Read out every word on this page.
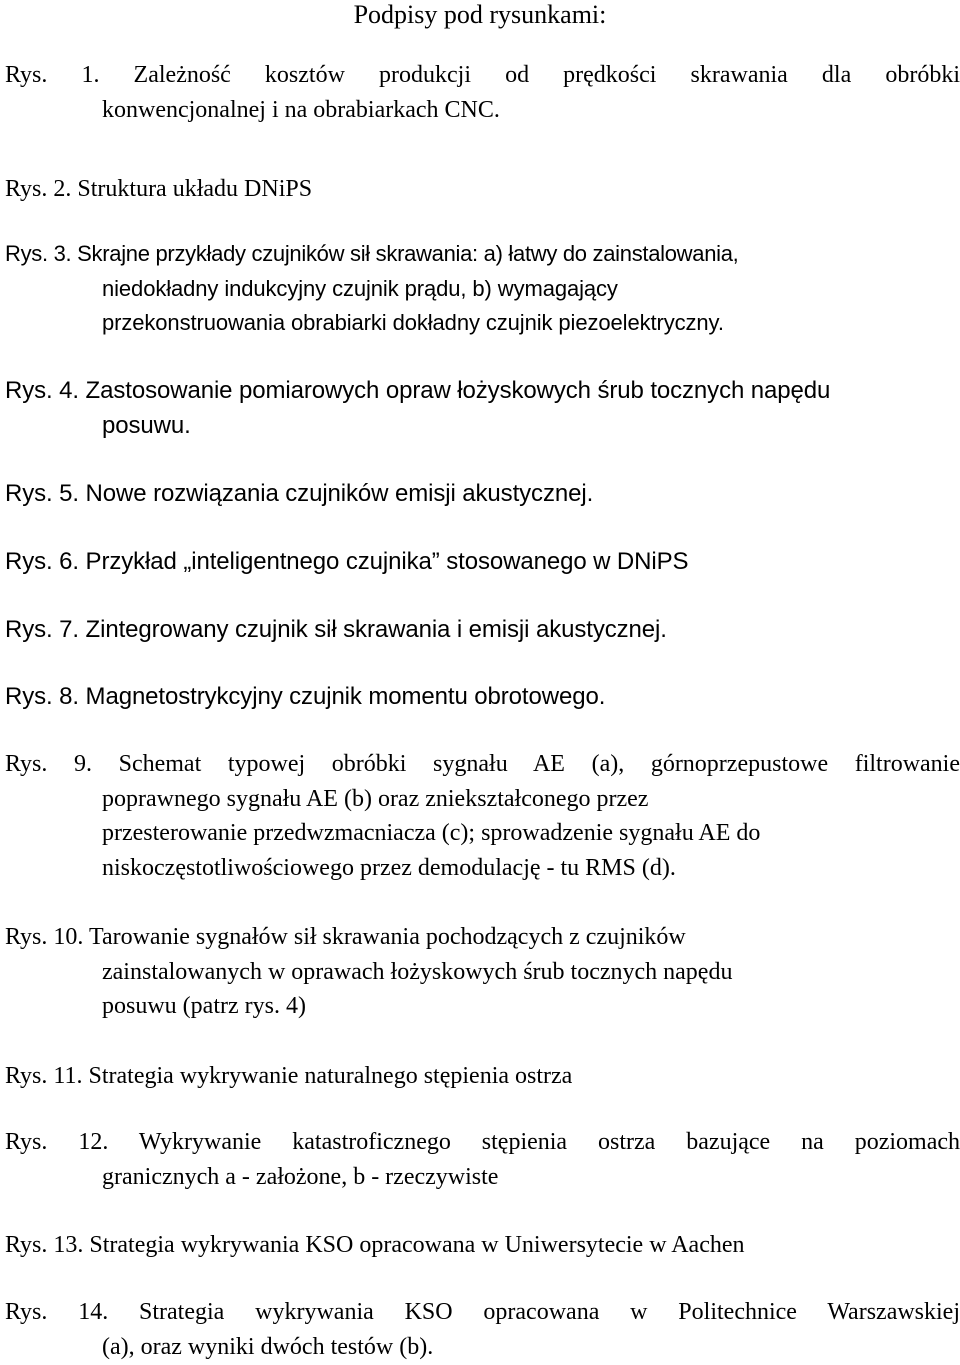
Podpisy pod rysunkami:

Rys. 1. Zależność kosztów produkcji od prędkości skrawania dla obróbki
konwencjonalnej i na obrabiarkach CNC.

Rys. 2. Struktura układu DNiPS

Rys. 3. Skrajne przykłady czujników sił skrawania: a) łatwy do zainstalowania,
niedokładny indukcyjny czujnik prądu, b) wymagający
przekonstruowania obrabiarki dokładny czujnik piezoelektryczny.

Rys. 4. Zastosowanie pomiarowych opraw łożyskowych śrub tocznych napędu
posuwu.

Rys. 5. Nowe rozwiązania czujników emisji akustycznej.

Rys. 6. Przykład „inteligentnego czujnika” stosowanego w DNiPS

Rys. 7. Zintegrowany czujnik sił skrawania i emisji akustycznej.

Rys. 8. Magnetostrykcyjny czujnik momentu obrotowego.

Rys. 9. Schemat typowej obróbki sygnału AE (a), górnoprzepustowe filtrowanie
poprawnego sygnału AE (b) oraz zniekształconego przez
przesterowanie przedwzmacniacza (c); sprowadzenie sygnału AE do
niskoczęstotliwościowego przez demodulację - tu RMS (d).

Rys. 10. Tarowanie sygnałów sił skrawania pochodzących z czujników
zainstalowanych w oprawach łożyskowych śrub tocznych napędu
posuwu (patrz rys. 4)

Rys. 11. Strategia wykrywanie naturalnego stępienia ostrza

Rys. 12. Wykrywanie katastroficznego stępienia ostrza bazujące na poziomach
granicznych a - założone, b - rzeczywiste

Rys. 13. Strategia wykrywania KSO opracowana w Uniwersytecie w Aachen

Rys. 14. Strategia wykrywania KSO opracowana w Politechnice Warszawskiej
(a), oraz wyniki dwóch testów (b).
